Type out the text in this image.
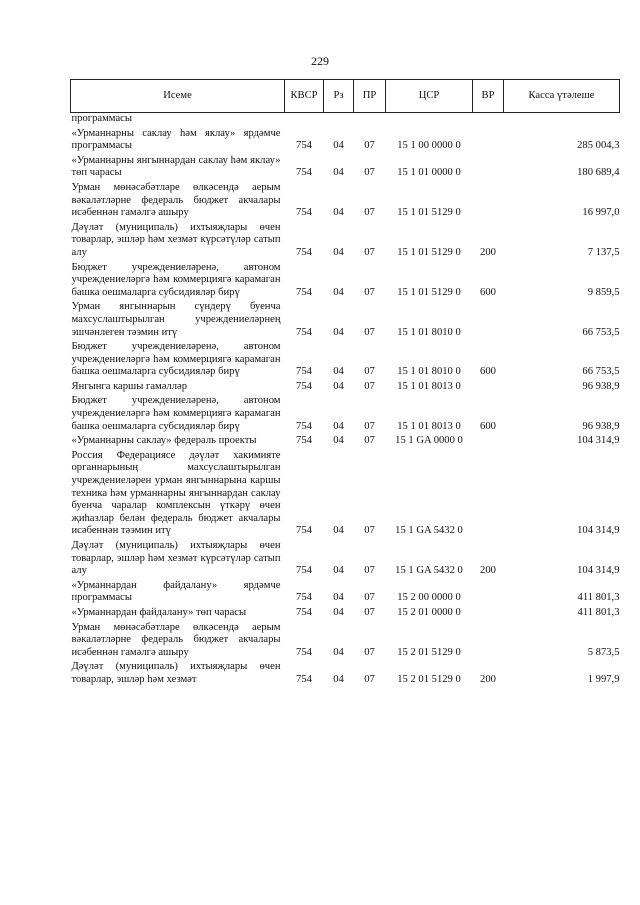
229
Исеме	КВСР	Рз	ПР	ЦСР	ВР	Касса үтәлеше
программасы						
«Урманнарны саклау һәм яклау» ярдәмче программасы	754	04	07	15 1 00 0000 0		285 004,3
«Урманнарны янгыннардан саклау һәм яклау» төп чарасы	754	04	07	15 1 01 0000 0		180 689,4
Урман мөнәсәбәтләре өлкәсендә аерым вәкаләтләрне федераль бюджет акчалары исәбеннән гамәлгә ашыру	754	04	07	15 1 01 5129 0		16 997,0
Дәүләт (муниципаль) ихтыяҗлары өчен товарлар, эшләр һәм хезмәт күрсәтүләр сатып алу	754	04	07	15 1 01 5129 0	200	7 137,5
Бюджет учреждениеләренә, автоном учреждениеләргә һәм коммерциягә карамаган башка оешмаларга субсидияләр бирү	754	04	07	15 1 01 5129 0	600	9 859,5
Урман янгыннарын сүндерү буенча махсуслаштырылган учреждениеләрнең эшчәнлеген тәэмин итү	754	04	07	15 1 01 8010 0		66 753,5
Бюджет учреждениеләренә, автоном учреждениеләргә һәм коммерциягә карамаган башка оешмаларга субсидияләр бирү	754	04	07	15 1 01 8010 0	600	66 753,5
Янгынга каршы гамәлләр	754	04	07	15 1 01 8013 0		96 938,9
Бюджет учреждениеләренә, автоном учреждениеләргә һәм коммерциягә карамаган башка оешмаларга субсидияләр бирү	754	04	07	15 1 01 8013 0	600	96 938,9
«Урманнарны саклау» федераль проекты	754	04	07	15 1 GA 0000 0		104 314,9
Россия Федерациясе дәүләт хакимияте органнарының махсуслаштырылган учреждениеләрен урман янгыннарына каршы техника һәм урманнарны янгыннардан саклау буенча чаралар комплексын үткәрү өчен җиһазлар белән федераль бюджет акчалары исәбеннән тәэмин итү	754	04	07	15 1 GA 5432 0		104 314,9
Дәүләт (муниципаль) ихтыяҗлары өчен товарлар, эшләр һәм хезмәт күрсәтүләр сатып алу	754	04	07	15 1 GA 5432 0	200	104 314,9
«Урманнардан файдалану» ярдәмче программасы	754	04	07	15 2 00 0000 0		411 801,3
«Урманнардан файдалану» төп чарасы	754	04	07	15 2 01 0000 0		411 801,3
Урман мөнәсәбәтләре өлкәсендә аерым вәкаләтләрне федераль бюджет акчалары исәбеннән гамәлгә ашыру	754	04	07	15 2 01 5129 0		5 873,5
Дәүләт (муниципаль) ихтыяҗлары өчен товарлар, эшләр һәм хезмәт	754	04	07	15 2 01 5129 0	200	1 997,9
